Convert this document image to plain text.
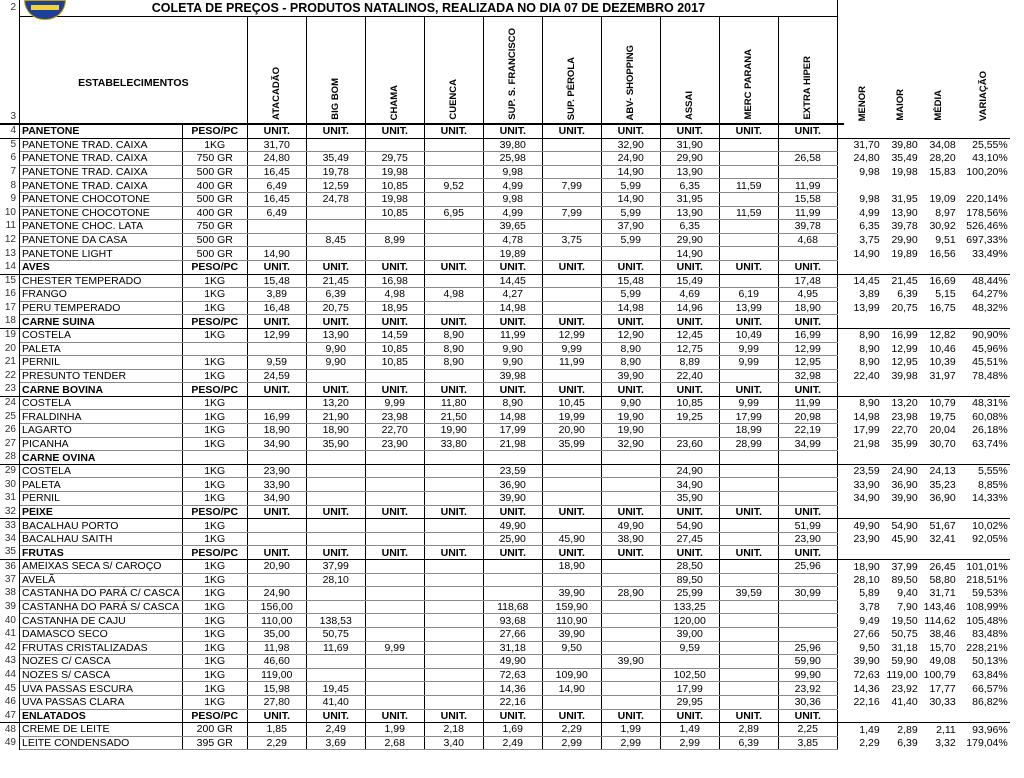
2	COLETA DE PREÇOS - PRODUTOS NATALINOS, REALIZADA NO DIA 07 DE DEZEMBRO 2017																
3	ESTABELECIMENTOS		ATACADÃO	BIG BOM	CHAMA	CUENCA	SUP. S. FRANCISCO	SUP. PÉROLA	ABV- SHOPPING	ASSAI	MERC PARANA	EXTRA HIPER		MENOR	MAIOR	MÉDIA	VARIAÇÃO
4	PANETONE	PESO/PC	UNIT.	UNIT.	UNIT.	UNIT.	UNIT.	UNIT.	UNIT.	UNIT.	UNIT.	UNIT.					
5	PANETONE TRAD. CAIXA	1KG	31,70				39,80		32,90	31,90				31,70	39,80	34,08	25,55%
6	PANETONE TRAD. CAIXA	750 GR	24,80	35,49	29,75		25,98		24,90	29,90		26,58		24,80	35,49	28,20	43,10%
7	PANETONE TRAD. CAIXA	500 GR	16,45	19,78	19,98		9,98		14,90	13,90				9,98	19,98	15,83	100,20%
8	PANETONE TRAD. CAIXA	400 GR	6,49	12,59	10,85	9,52	4,99	7,99	5,99	6,35	11,59	11,99					
9	PANETONE CHOCOTONE	500 GR	16,45	24,78	19,98		9,98		14,90	31,95		15,58		9,98	31,95	19,09	220,14%
10	PANETONE CHOCOTONE	400 GR	6,49		10,85	6,95	4,99	7,99	5,99	13,90	11,59	11,99		4,99	13,90	8,97	178,56%
11	PANETONE CHOC. LATA	750 GR					39,65		37,90	6,35		39,78		6,35	39,78	30,92	526,46%
12	PANETONE DA CASA	500 GR		8,45	8,99		4,78	3,75	5,99	29,90		4,68		3,75	29,90	9,51	697,33%
13	PANETONE LIGHT	500 GR	14,90				19,89			14,90				14,90	19,89	16,56	33,49%
14	AVES	PESO/PC	UNIT.	UNIT.	UNIT.	UNIT.	UNIT.	UNIT.	UNIT.	UNIT.	UNIT.	UNIT.					
15	CHESTER TEMPERADO	1KG	15,48	21,45	16,98		14,45		15,48	15,49		17,48		14,45	21,45	16,69	48,44%
16	FRANGO	1KG	3,89	6,39	4,98	4,98	4,27		5,99	4,69	6,19	4,95		3,89	6,39	5,15	64,27%
17	PERU TEMPERADO	1KG	16,48	20,75	18,95		14,98		14,98	14,96	13,99	18,90		13,99	20,75	16,75	48,32%
18	CARNE SUINA	PESO/PC	UNIT.	UNIT.	UNIT.	UNIT.	UNIT.	UNIT.	UNIT.	UNIT.	UNIT.	UNIT.					
19	COSTELA	1KG	12,99	13,90	14,59	8,90	11,99	12,99	12,90	12,45	10,49	16,99		8,90	16,99	12,82	90,90%
20	PALETA			9,90	10,85	8,90	9,90	9,99	8,90	12,75	9,99	12,99		8,90	12,99	10,46	45,96%
21	PERNIL	1KG	9,59	9,90	10,85	8,90	9,90	11,99	8,90	8,89	9,99	12,95		8,90	12,95	10,39	45,51%
22	PRESUNTO TENDER	1KG	24,59				39,98		39,90	22,40		32,98		22,40	39,98	31,97	78,48%
23	CARNE BOVINA	PESO/PC	UNIT.	UNIT.	UNIT.	UNIT.	UNIT.	UNIT.	UNIT.	UNIT.	UNIT.	UNIT.					
24	COSTELA	1KG		13,20	9,99	11,80	8,90	10,45	9,90	10,85	9,99	11,99		8,90	13,20	10,79	48,31%
25	FRALDINHA	1KG	16,99	21,90	23,98	21,50	14,98	19,99	19,90	19,25	17,99	20,98		14,98	23,98	19,75	60,08%
26	LAGARTO	1KG	18,90	18,90	22,70	19,90	17,99	20,90	19,90		18,99	22,19		17,99	22,70	20,04	26,18%
27	PICANHA	1KG	34,90	35,90	23,90	33,80	21,98	35,99	32,90	23,60	28,99	34,99		21,98	35,99	30,70	63,74%
28	CARNE OVINA																
29	COSTELA	1KG	23,90				23,59			24,90				23,59	24,90	24,13	5,55%
30	PALETA	1KG	33,90				36,90			34,90				33,90	36,90	35,23	8,85%
31	PERNIL	1KG	34,90				39,90			35,90				34,90	39,90	36,90	14,33%
32	PEIXE	PESO/PC	UNIT.	UNIT.	UNIT.	UNIT.	UNIT.	UNIT.	UNIT.	UNIT.	UNIT.	UNIT.					
33	BACALHAU PORTO	1KG					49,90		49,90	54,90		51,99		49,90	54,90	51,67	10,02%
34	BACALHAU SAITH	1KG					25,90	45,90	38,90	27,45		23,90		23,90	45,90	32,41	92,05%
35	FRUTAS	PESO/PC	UNIT.	UNIT.	UNIT.	UNIT.	UNIT.	UNIT.	UNIT.	UNIT.	UNIT.	UNIT.					
36	AMEIXAS SECA S/ CAROÇO	1KG	20,90	37,99				18,90		28,50		25,96		18,90	37,99	26,45	101,01%
37	AVELÃ	1KG		28,10						89,50				28,10	89,50	58,80	218,51%
38	CASTANHA DO PARÁ C/ CASCA	1KG	24,90					39,90	28,90	25,99	39,59	30,99		5,89	9,40	31,71	59,53%
39	CASTANHA DO PARÁ S/ CASCA	1KG	156,00				118,68	159,90		133,25				3,78	7,90	143,46	108,99%
40	CASTANHA DE CAJU	1KG	110,00	138,53			93,68	110,90		120,00				9,49	19,50	114,62	105,48%
41	DAMASCO SECO	1KG	35,00	50,75			27,66	39,90		39,00				27,66	50,75	38,46	83,48%
42	FRUTAS CRISTALIZADAS	1KG	11,98	11,69	9,99		31,18	9,50		9,59		25,96		9,50	31,18	15,70	228,21%
43	NOZES C/ CASCA	1KG	46,60				49,90		39,90			59,90		39,90	59,90	49,08	50,13%
44	NOZES S/ CASCA	1KG	119,00				72,63	109,90		102,50		99,90		72,63	119,00	100,79	63,84%
45	UVA PASSAS ESCURA	1KG	15,98	19,45			14,36	14,90		17,99		23,92		14,36	23,92	17,77	66,57%
46	UVA PASSAS CLARA	1KG	27,80	41,40			22,16			29,95		30,36		22,16	41,40	30,33	86,82%
47	ENLATADOS	PESO/PC	UNIT.	UNIT.	UNIT.	UNIT.	UNIT.	UNIT.	UNIT.	UNIT.	UNIT.	UNIT.					
48	CREME DE LEITE	200 GR	1,85	2,49	1,99	2,18	1,69	2,29	1,99	1,49	2,89	2,25		1,49	2,89	2,11	93,96%
49	LEITE CONDENSADO	395 GR	2,29	3,69	2,68	3,40	2,49	2,99	2,99	2,99	6,39	3,85		2,29	6,39	3,32	179,04%
